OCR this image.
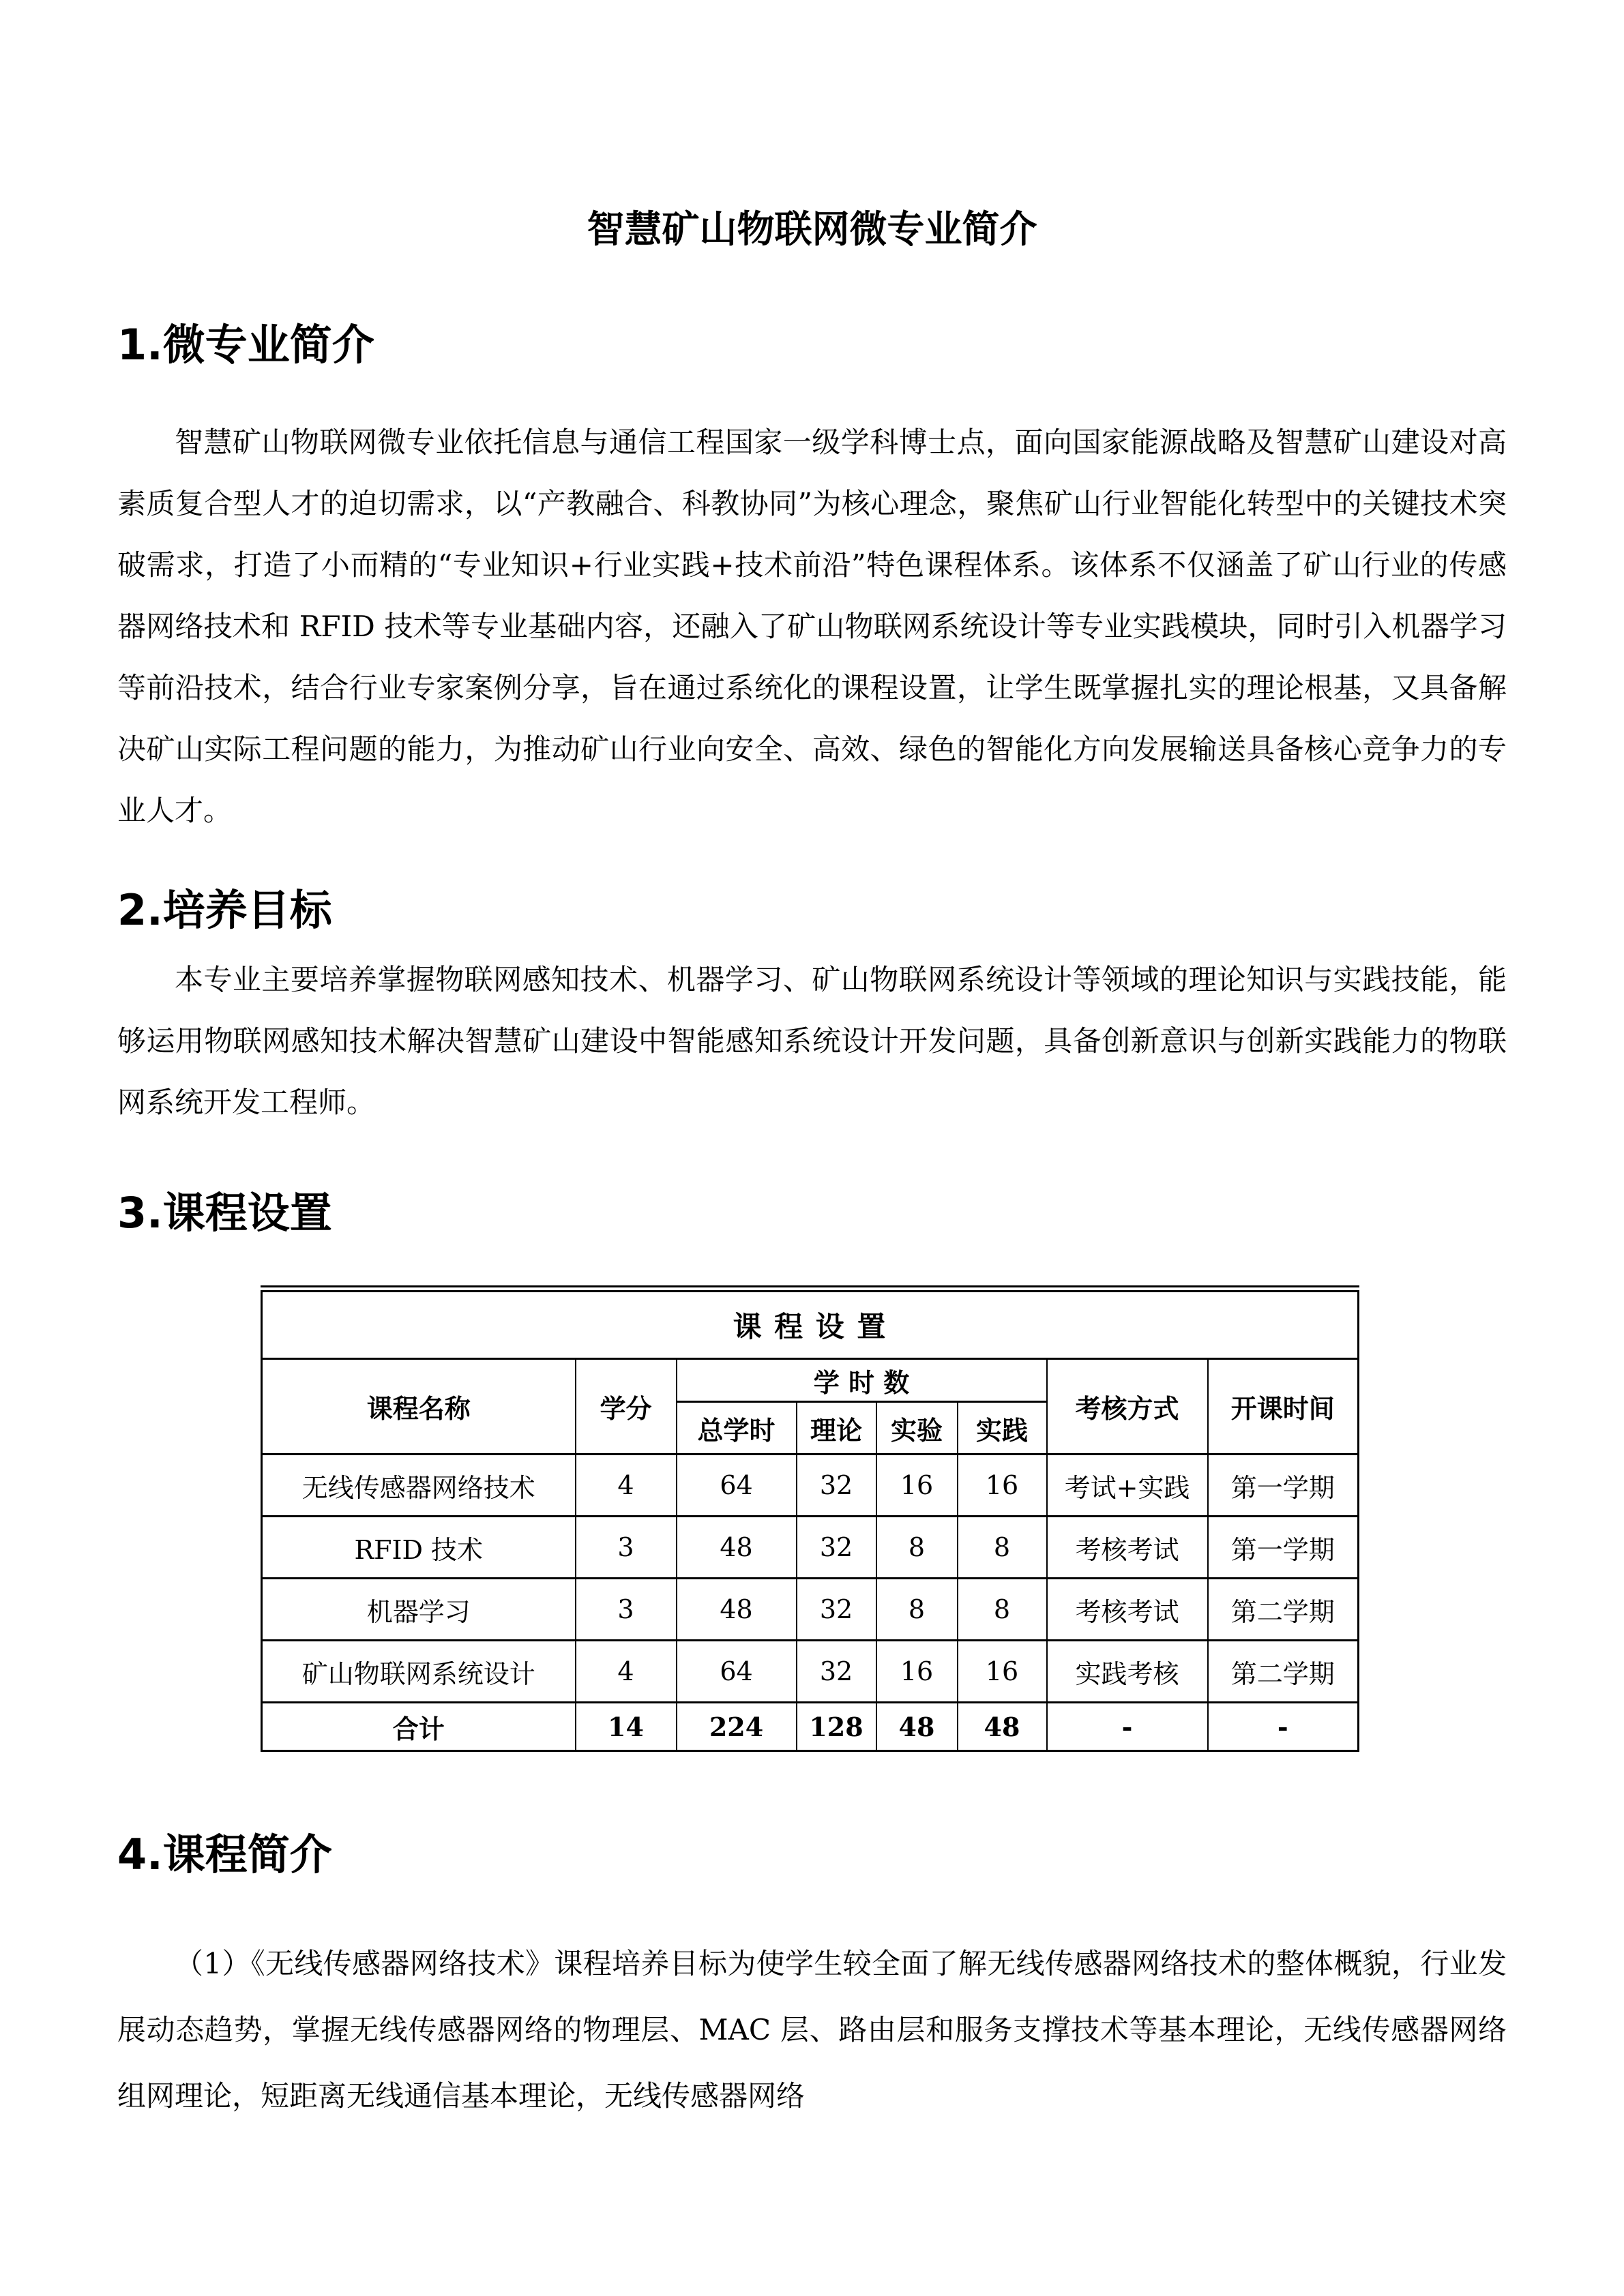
智慧矿山物联网微专业简介
1.微专业简介

智慧矿山物联网微专业依托信息与通信工程国家一级学科博士点，面向国家能源战略及智慧矿山建设对高素质复合型人才的迫切需求，以“产教融合、科教协同”为核心理念，聚焦矿山行业智能化转型中的关键技术突破需求，打造了小而精的“专业知识+行业实践+技术前沿”特色课程体系。该体系不仅涵盖了矿山行业的传感器网络技术和 RFID 技术等专业基础内容，还融入了矿山物联网系统设计等专业实践模块，同时引入机器学习等前沿技术，结合行业专家案例分享，旨在通过系统化的课程设置，让学生既掌握扎实的理论根基，又具备解决矿山实际工程问题的能力，为推动矿山行业向安全、高效、绿色的智能化方向发展输送具备核心竞争力的专业人才。

2.培养目标

本专业主要培养掌握物联网感知技术、机器学习、矿山物联网系统设计等领域的理论知识与实践技能，能够运用物联网感知技术解决智慧矿山建设中智能感知系统设计开发问题，具备创新意识与创新实践能力的物联网系统开发工程师。

3.课程设置
课 程 设 置							
课程名称	学分	学 时 数				考核方式	开课时间
		总学时	理论	实验	实践		
无线传感器网络技术	4	64	32	16	16	考试+实践	第一学期
RFID 技术	3	48	32	8	8	考核考试	第一学期
机器学习	3	48	32	8	8	考核考试	第二学期
矿山物联网系统设计	4	64	32	16	16	实践考核	第二学期
合计	14	224	128	48	48	-	-
4.课程简介

（1）《无线传感器网络技术》课程培养目标为使学生较全面了解无线传感器网络技术的整体概貌，行业发展动态趋势，掌握无线传感器网络的物理层、MAC 层、路由层和服务支撑技术等基本理论，无线传感器网络组网理论，短距离无线通信基本理论，无线传感器网络
